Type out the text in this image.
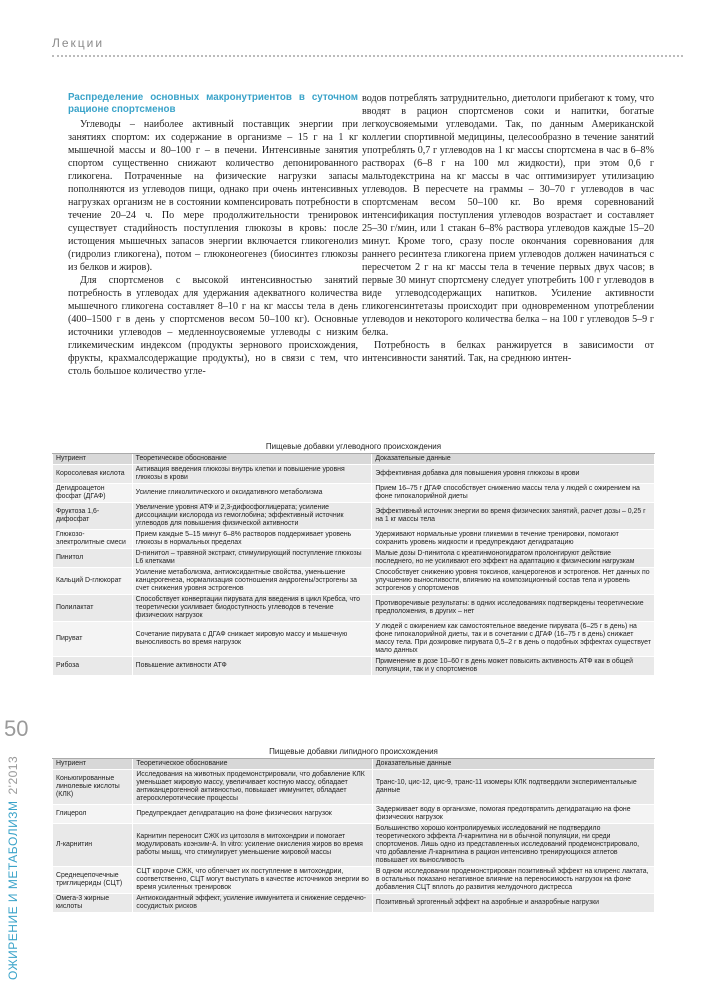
Лекции
Распределение основных макронутриентов в суточном рационе спортсменов

Углеводы – наиболее активный поставщик энергии при занятиях спортом: их содержание в организме – 15 г на 1 кг мышечной массы и 80–100 г – в печени. Интенсивные занятия спортом существенно снижают количество депонированного гликогена. Потраченные на физические нагрузки запасы пополняются из углеводов пищи, однако при очень интенсивных нагрузках организм не в состоянии компенсировать потребности в течение 20–24 ч. По мере продолжительности тренировок существует стадийность поступления глюкозы в кровь: после истощения мышечных запасов энергии включается гликогенолиз (гидролиз гликогена), потом – глюконеогенез (биосинтез глюкозы из белков и жиров).

Для спортсменов с высокой интенсивностью занятий потребность в углеводах для удержания адекватного количества мышечного гликогена составляет 8–10 г на кг массы тела в день (400–1500 г в день у спортсменов весом 50–100 кг). Основные источники углеводов – медленноусвояемые углеводы с низким гликемическим индексом (продукты зернового происхождения, фрукты, крахмалсодержащие продукты), но в связи с тем, что столь большое количество угле-

водов потреблять затруднительно, диетологи прибегают к тому, что вводят в рацион спортсменов соки и напитки, богатые легкоусвояемыми углеводами. Так, по данным Американской коллегии спортивной медицины, целесообразно в течение занятий употреблять 0,7 г углеводов на 1 кг массы спортсмена в час в 6–8% растворах (6–8 г на 100 мл жидкости), при этом 0,6 г мальтодекстрина на кг массы в час оптимизирует утилизацию углеводов. В пересчете на граммы – 30–70 г углеводов в час спортсменам весом 50–100 кг. Во время соревнований интенсификация поступления углеводов возрастает и составляет 25–30 г/мин, или 1 стакан 6–8% раствора углеводов каждые 15–20 минут. Кроме того, сразу после окончания соревнования для раннего ресинтеза гликогена прием углеводов должен начинаться с пересчетом 2 г на кг массы тела в течение первых двух часов; в первые 30 минут спортсмену следует употребить 100 г углеводов в виде углеводсодержащих напитков. Усиление активности гликогенсинтетазы происходит при одновременном употреблении углеводов и некоторого количества белка – на 100 г углеводов 5–9 г белка.

Потребность в белках ранжируется в зависимости от интенсивности занятий. Так, на среднюю интен-

50
ОЖИРЕНИЕ И МЕТАБОЛИЗМ2'2013
Пищевые добавки углеводного происхождения		
Нутриент	Теоретическое обоснование	Доказательные данные
Коросолевая кислота	Активация введения глюкозы внутрь клетки и повышение уровня глюкозы в крови	Эффективная добавка для повышения уровня глюкозы в крови
Дегидроацетон фосфат (ДГАФ)	Усиление гликолитического и оксидативного метаболизма	Прием 16–75 г ДГАФ способствует снижению массы тела у людей с ожирением на фоне гипокалорийной диеты
Фруктоза 1,6-дифосфат	Увеличение уровня АТФ и 2,3-дифосфоглицерата; усиление диссоциации кислорода из гемоглобина; эффективный источник углеводов для повышения физической активности	Эффективный источник энергии во время физических занятий, расчет дозы – 0,25 г на 1 кг массы тела
Глюкозо-электролитные смеси	Прием каждые 5–15 минут 6–8% растворов поддерживает уровень глюкозы в нормальных пределах	Удерживают нормальные уровни гликемии в течение тренировки, помогают сохранить уровень жидкости и предупреждают дегидратацию
Пинитол	D-пинитол – травяной экстракт, стимулирующий поступление глюкозы L6 клетками	Малые дозы D-пинитола с креатинмоногидратом пролонгируют действие последнего, но не усиливают его эффект на адаптацию к физическим нагрузкам
Кальций D-глюкорат	Усиление метаболизма, антиоксидантные свойства, уменьшение канцерогенеза, нормализация соотношения андрогены/эстрогены за счет снижения уровня эстрогенов	Способствует снижению уровня токсинов, канцерогенов и эстрогенов. Нет данных по улучшению выносливости, влиянию на композиционный состав тела и уровень эстрогенов у спортсменов
Полилактат	Способствует конвертации пирувата для введения в цикл Кребса, что теоретически усиливает биодоступность углеводов в течение физических нагрузок	Противоречивые результаты: в одних исследованиях подтверждены теоретические предположения, в других – нет
Пируват	Сочетание пирувата с ДГАФ снижает жировую массу и мышечную выносливость во время нагрузок	У людей с ожирением как самостоятельное введение пирувата (6–25 г в день) на фоне гипокалорийной диеты, так и в сочетании с ДГАФ (16–75 г в день) снижает массу тела. При дозировке пирувата 0,5–2 г в день о подобных эффектах существует мало данных
Рибоза	Повышение активности АТФ	Применение в дозе 10–60 г в день может повысить активность АТФ как в общей популяции, так и у спортсменов
Пищевые добавки липидного происхождения		
Нутриент	Теоретическое обоснование	Доказательные данные
Коньюгированные линолевые кислоты (КЛК)	Исследования на животных продемонстрировали, что добавление КЛК уменьшает жировую массу, увеличивает костную массу, обладает антиканцерогенной активностью, повышает иммунитет, обладает атеросклеротические процессы	Транс-10, цис-12, цис-9, транс-11 изомеры КЛК подтвердили экспериментальные данные
Глицерол	Предупреждает дегидратацию на фоне физических нагрузок	Задерживает воду в организме, помогая предотвратить дегидратацию на фоне физических нагрузок
Л-карнитин	Карнитин переносит СЖК из цитозоля в митохондрии и помогает модулировать коэнзим-А. In vitro: усиление окисления жиров во время работы мышц, что стимулирует уменьшение жировой массы	Большинство хорошо контролируемых исследований не подтвердило теоретического эффекта Л-карнитина ни в обычной популяции, ни среди спортсменов. Лишь одно из представленных исследований продемонстрировало, что добавление Л-карнитина в рацион интенсивно тренирующихся атлетов повышает их выносливость
Среднецепочечные триглицериды (СЦТ)	СЦТ короче СЖК, что облегчает их поступление в митохондрии, соответственно, СЦТ могут выступать в качестве источников энергии во время усиленных тренировок	В одном исследовании продемонстрирован позитивный эффект на клиренс лактата, в остальных показано негативное влияние на переносимость нагрузок на фоне добавления СЦТ вплоть до развития желудочного дистресса
Омега-3 жирные кислоты	Антиоксидантный эффект, усиление иммунитета и снижение сердечно-сосудистых рисков	Позитивный эргогенный эффект на аэробные и анаэробные нагрузки
